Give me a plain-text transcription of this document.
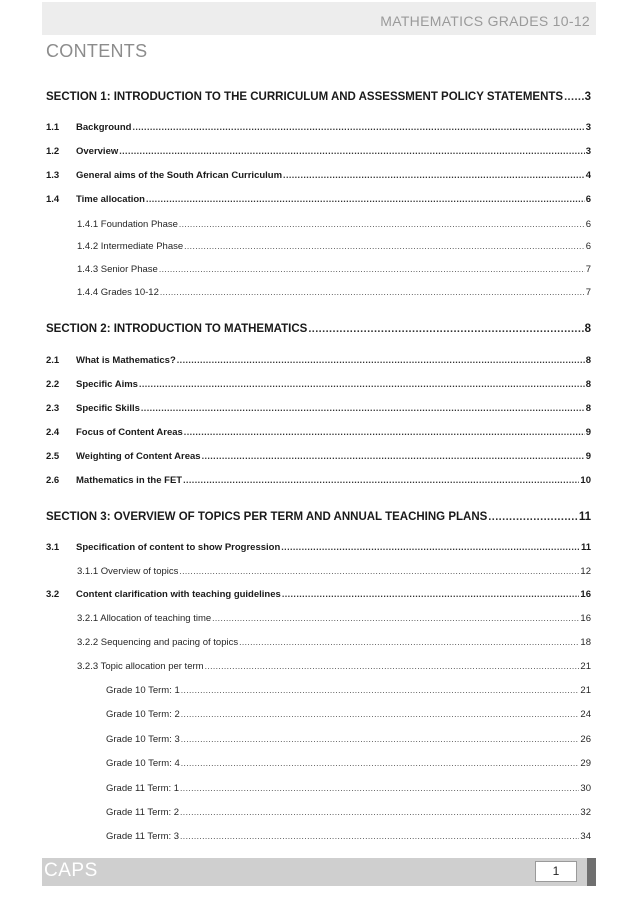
MATHEMATICS GRADES 10-12
CONTENTS
SECTION 1: INTRODUCTION TO THE CURRICULUM AND ASSESSMENT POLICY STATEMENTS ..... 3
1.1	Background .....	3
1.2	Overview .....	3
1.3	General aims of the South African Curriculum .....	4
1.4	Time allocation .....	6
1.4.1 Foundation Phase .....	6
1.4.2 Intermediate Phase .....	6
1.4.3 Senior Phase .....	7
1.4.4 Grades 10-12 .....	7
SECTION 2: INTRODUCTION TO MATHEMATICS .....	8
2.1	What is Mathematics? .....	8
2.2	Specific Aims .....	8
2.3	Specific Skills .....	8
2.4	Focus of Content Areas .....	9
2.5	Weighting of Content Areas .....	9
2.6	Mathematics in the FET .....	10
SECTION 3: OVERVIEW OF TOPICS PER TERM AND ANNUAL TEACHING PLANS .....	11
3.1	Specification of content to show Progression .....	11
3.1.1 Overview of topics .....	12
3.2	Content clarification with teaching guidelines .....	16
3.2.1 Allocation of teaching time .....	16
3.2.2 Sequencing and pacing of topics .....	18
3.2.3 Topic allocation per term .....	21
Grade 10 Term: 1 .....	21
Grade 10 Term: 2 .....	24
Grade 10 Term: 3 .....	26
Grade 10 Term: 4 .....	29
Grade 11 Term: 1 .....	30
Grade 11 Term: 2 .....	32
Grade 11 Term: 3 .....	34
CAPS	1
